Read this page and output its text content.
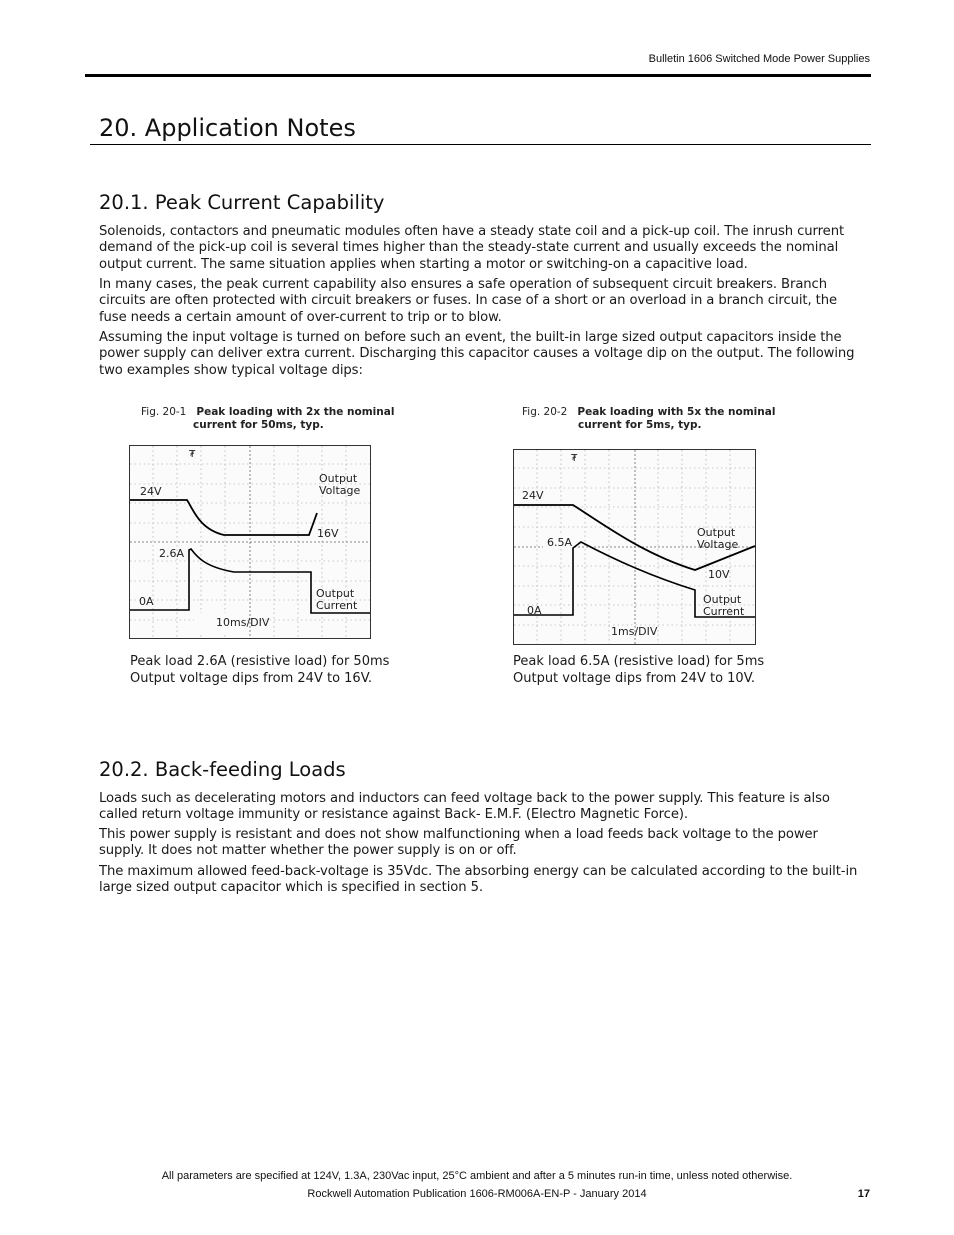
Bulletin 1606 Switched Mode Power Supplies
20. Application Notes
20.1. Peak Current Capability

Solenoids, contactors and pneumatic modules often have a steady state coil and a pick-up coil. The inrush current demand of the pick-up coil is several times higher than the steady-state current and usually exceeds the nominal output current. The same situation applies when starting a motor or switching-on a capacitive load.

In many cases, the peak current capability also ensures a safe operation of subsequent circuit breakers. Branch circuits are often protected with circuit breakers or fuses. In case of a short or an overload in a branch circuit, the fuse needs a certain amount of over-current to trip or to blow.

Assuming the input voltage is turned on before such an event, the built-in large sized output capacitors inside the power supply can deliver extra current. Discharging this capacitor causes a voltage dip on the output. The following two examples show typical voltage dips:

Fig. 20-1 Peak loading with 2x the nominal
current for 50ms, typ.
Fig. 20-2 Peak loading with 5x the nominal
current for 5ms, typ.
₮
24V
Output
Voltage
16V
2.6A
0A
Output
Current
10ms/DIV
₮
24V
Output
Voltage
6.5A
10V
0A
Output
Current
1ms/DIV
Peak load 2.6A (resistive load) for 50ms
Output voltage dips from 24V to 16V.
Peak load 6.5A (resistive load) for 5ms
Output voltage dips from 24V to 10V.
20.2. Back-feeding Loads

Loads such as decelerating motors and inductors can feed voltage back to the power supply. This feature is also called return voltage immunity or resistance against Back- E.M.F. (Electro Magnetic Force).

This power supply is resistant and does not show malfunctioning when a load feeds back voltage to the power supply. It does not matter whether the power supply is on or off.

The maximum allowed feed-back-voltage is 35Vdc. The absorbing energy can be calculated according to the built-in large sized output capacitor which is specified in section 5.

All parameters are specified at 124V, 1.3A, 230Vac input, 25°C ambient and after a 5 minutes run-in time, unless noted otherwise.
Rockwell Automation Publication 1606-RM006A-EN-P - January 2014	17
